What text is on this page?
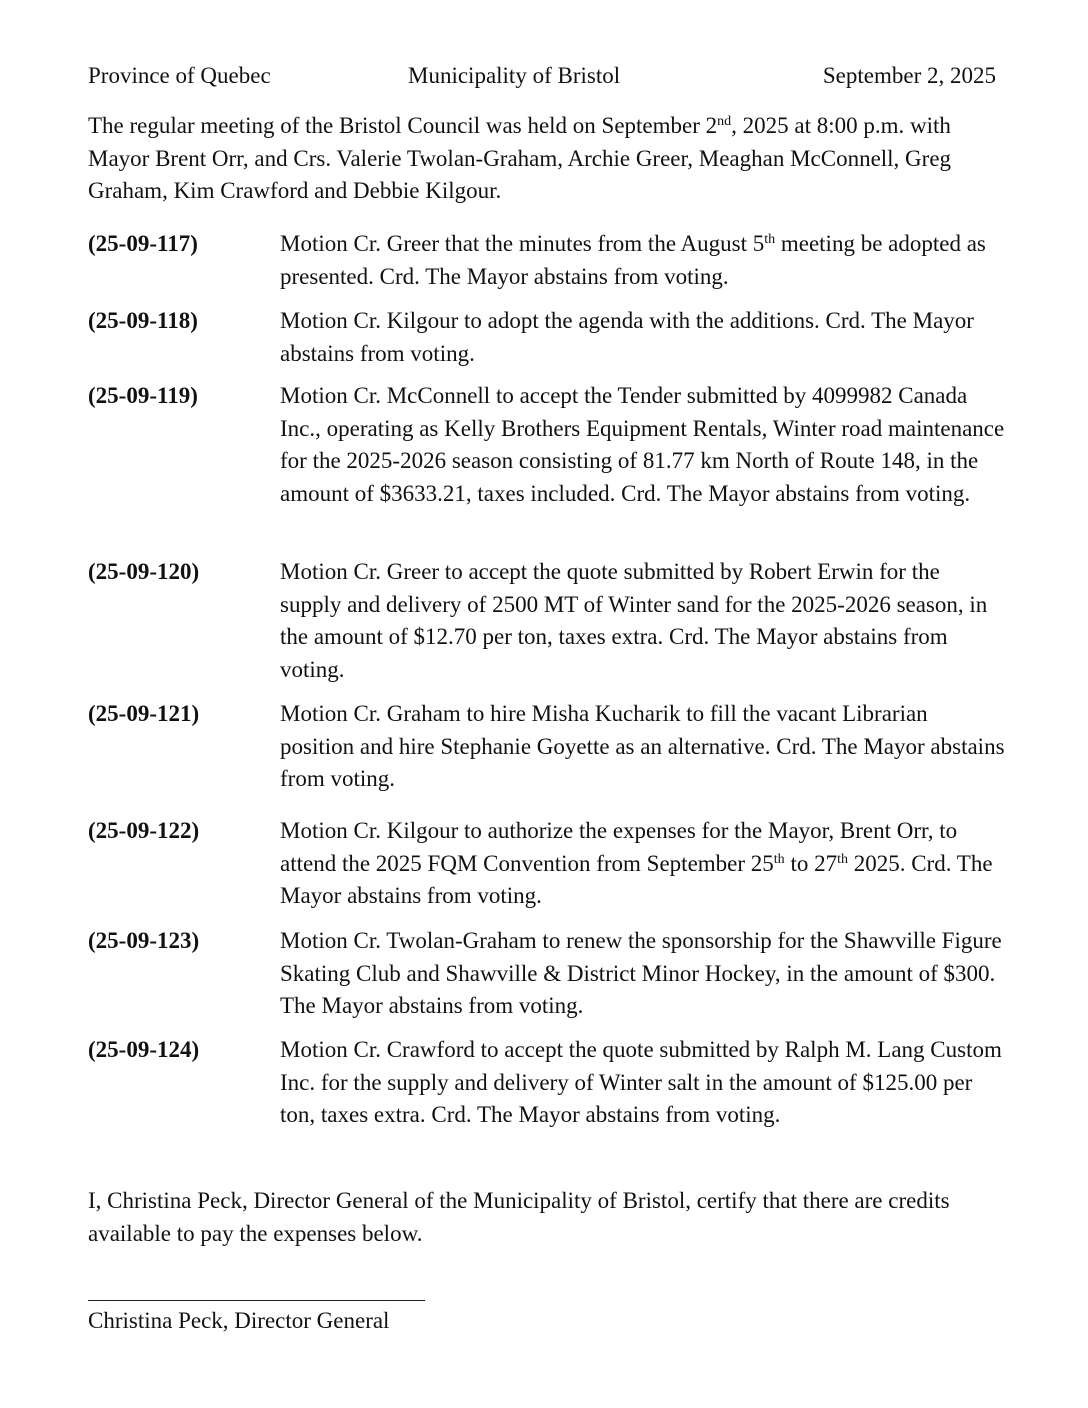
Province of Quebec	Municipality of Bristol	September 2, 2025

The regular meeting of the Bristol Council was held on September 2nd, 2025 at 8:00 p.m. with Mayor Brent Orr, and Crs. Valerie Twolan-Graham, Archie Greer, Meaghan McConnell, Greg Graham, Kim Crawford and Debbie Kilgour.

(25-09-117)	Motion Cr. Greer that the minutes from the August 5th meeting be adopted as presented. Crd. The Mayor abstains from voting.

(25-09-118)	Motion Cr. Kilgour to adopt the agenda with the additions. Crd. The Mayor abstains from voting.

(25-09-119)	Motion Cr. McConnell to accept the Tender submitted by 4099982 Canada Inc., operating as Kelly Brothers Equipment Rentals, Winter road maintenance for the 2025-2026 season consisting of 81.77 km North of Route 148, in the amount of $3633.21, taxes included. Crd. The Mayor abstains from voting.

(25-09-120)	Motion Cr. Greer to accept the quote submitted by Robert Erwin for the supply and delivery of 2500 MT of Winter sand for the 2025-2026 season, in the amount of $12.70 per ton, taxes extra. Crd. The Mayor abstains from voting.

(25-09-121)	Motion Cr. Graham to hire Misha Kucharik to fill the vacant Librarian position and hire Stephanie Goyette as an alternative. Crd. The Mayor abstains from voting.

(25-09-122)	Motion Cr. Kilgour to authorize the expenses for the Mayor, Brent Orr, to attend the 2025 FQM Convention from September 25th to 27th 2025. Crd. The Mayor abstains from voting.

(25-09-123)	Motion Cr. Twolan-Graham to renew the sponsorship for the Shawville Figure Skating Club and Shawville & District Minor Hockey, in the amount of $300. The Mayor abstains from voting.

(25-09-124)	Motion Cr. Crawford to accept the quote submitted by Ralph M. Lang Custom Inc. for the supply and delivery of Winter salt in the amount of $125.00 per ton, taxes extra. Crd. The Mayor abstains from voting.

I, Christina Peck, Director General of the Municipality of Bristol, certify that there are credits available to pay the expenses below.

Christina Peck, Director General
